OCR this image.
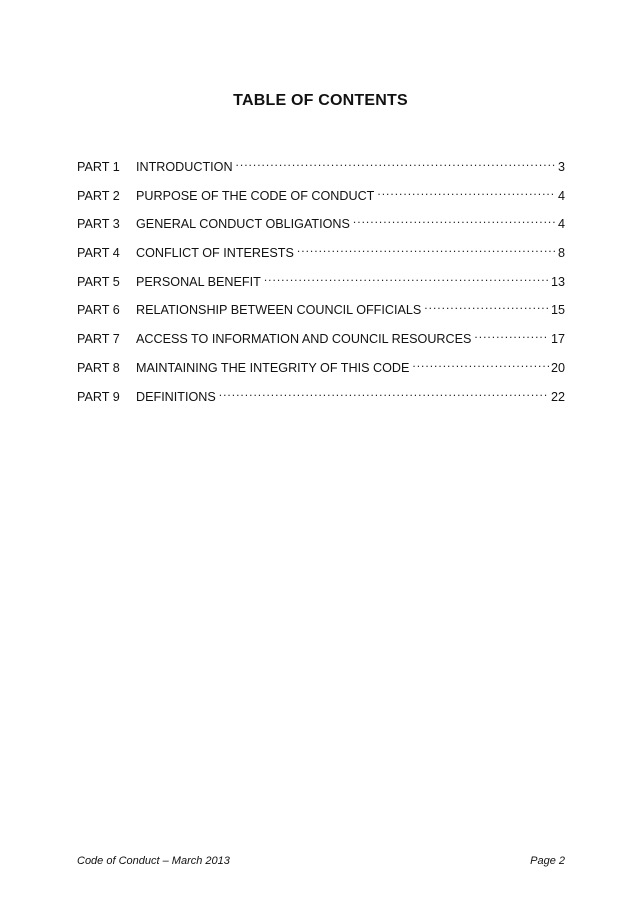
TABLE OF CONTENTS
PART 1	INTRODUCTION .....	3
PART 2	PURPOSE OF THE CODE OF CONDUCT .....	4
PART 3	GENERAL CONDUCT OBLIGATIONS .....	4
PART 4	CONFLICT OF INTERESTS .....	8
PART 5	PERSONAL BENEFIT .....	13
PART 6	RELATIONSHIP BETWEEN COUNCIL OFFICIALS .....	15
PART 7	ACCESS TO INFORMATION AND COUNCIL RESOURCES .....	17
PART 8	MAINTAINING THE INTEGRITY OF THIS CODE .....	20
PART 9	DEFINITIONS .....	22
Code of Conduct – March 2013	Page 2
